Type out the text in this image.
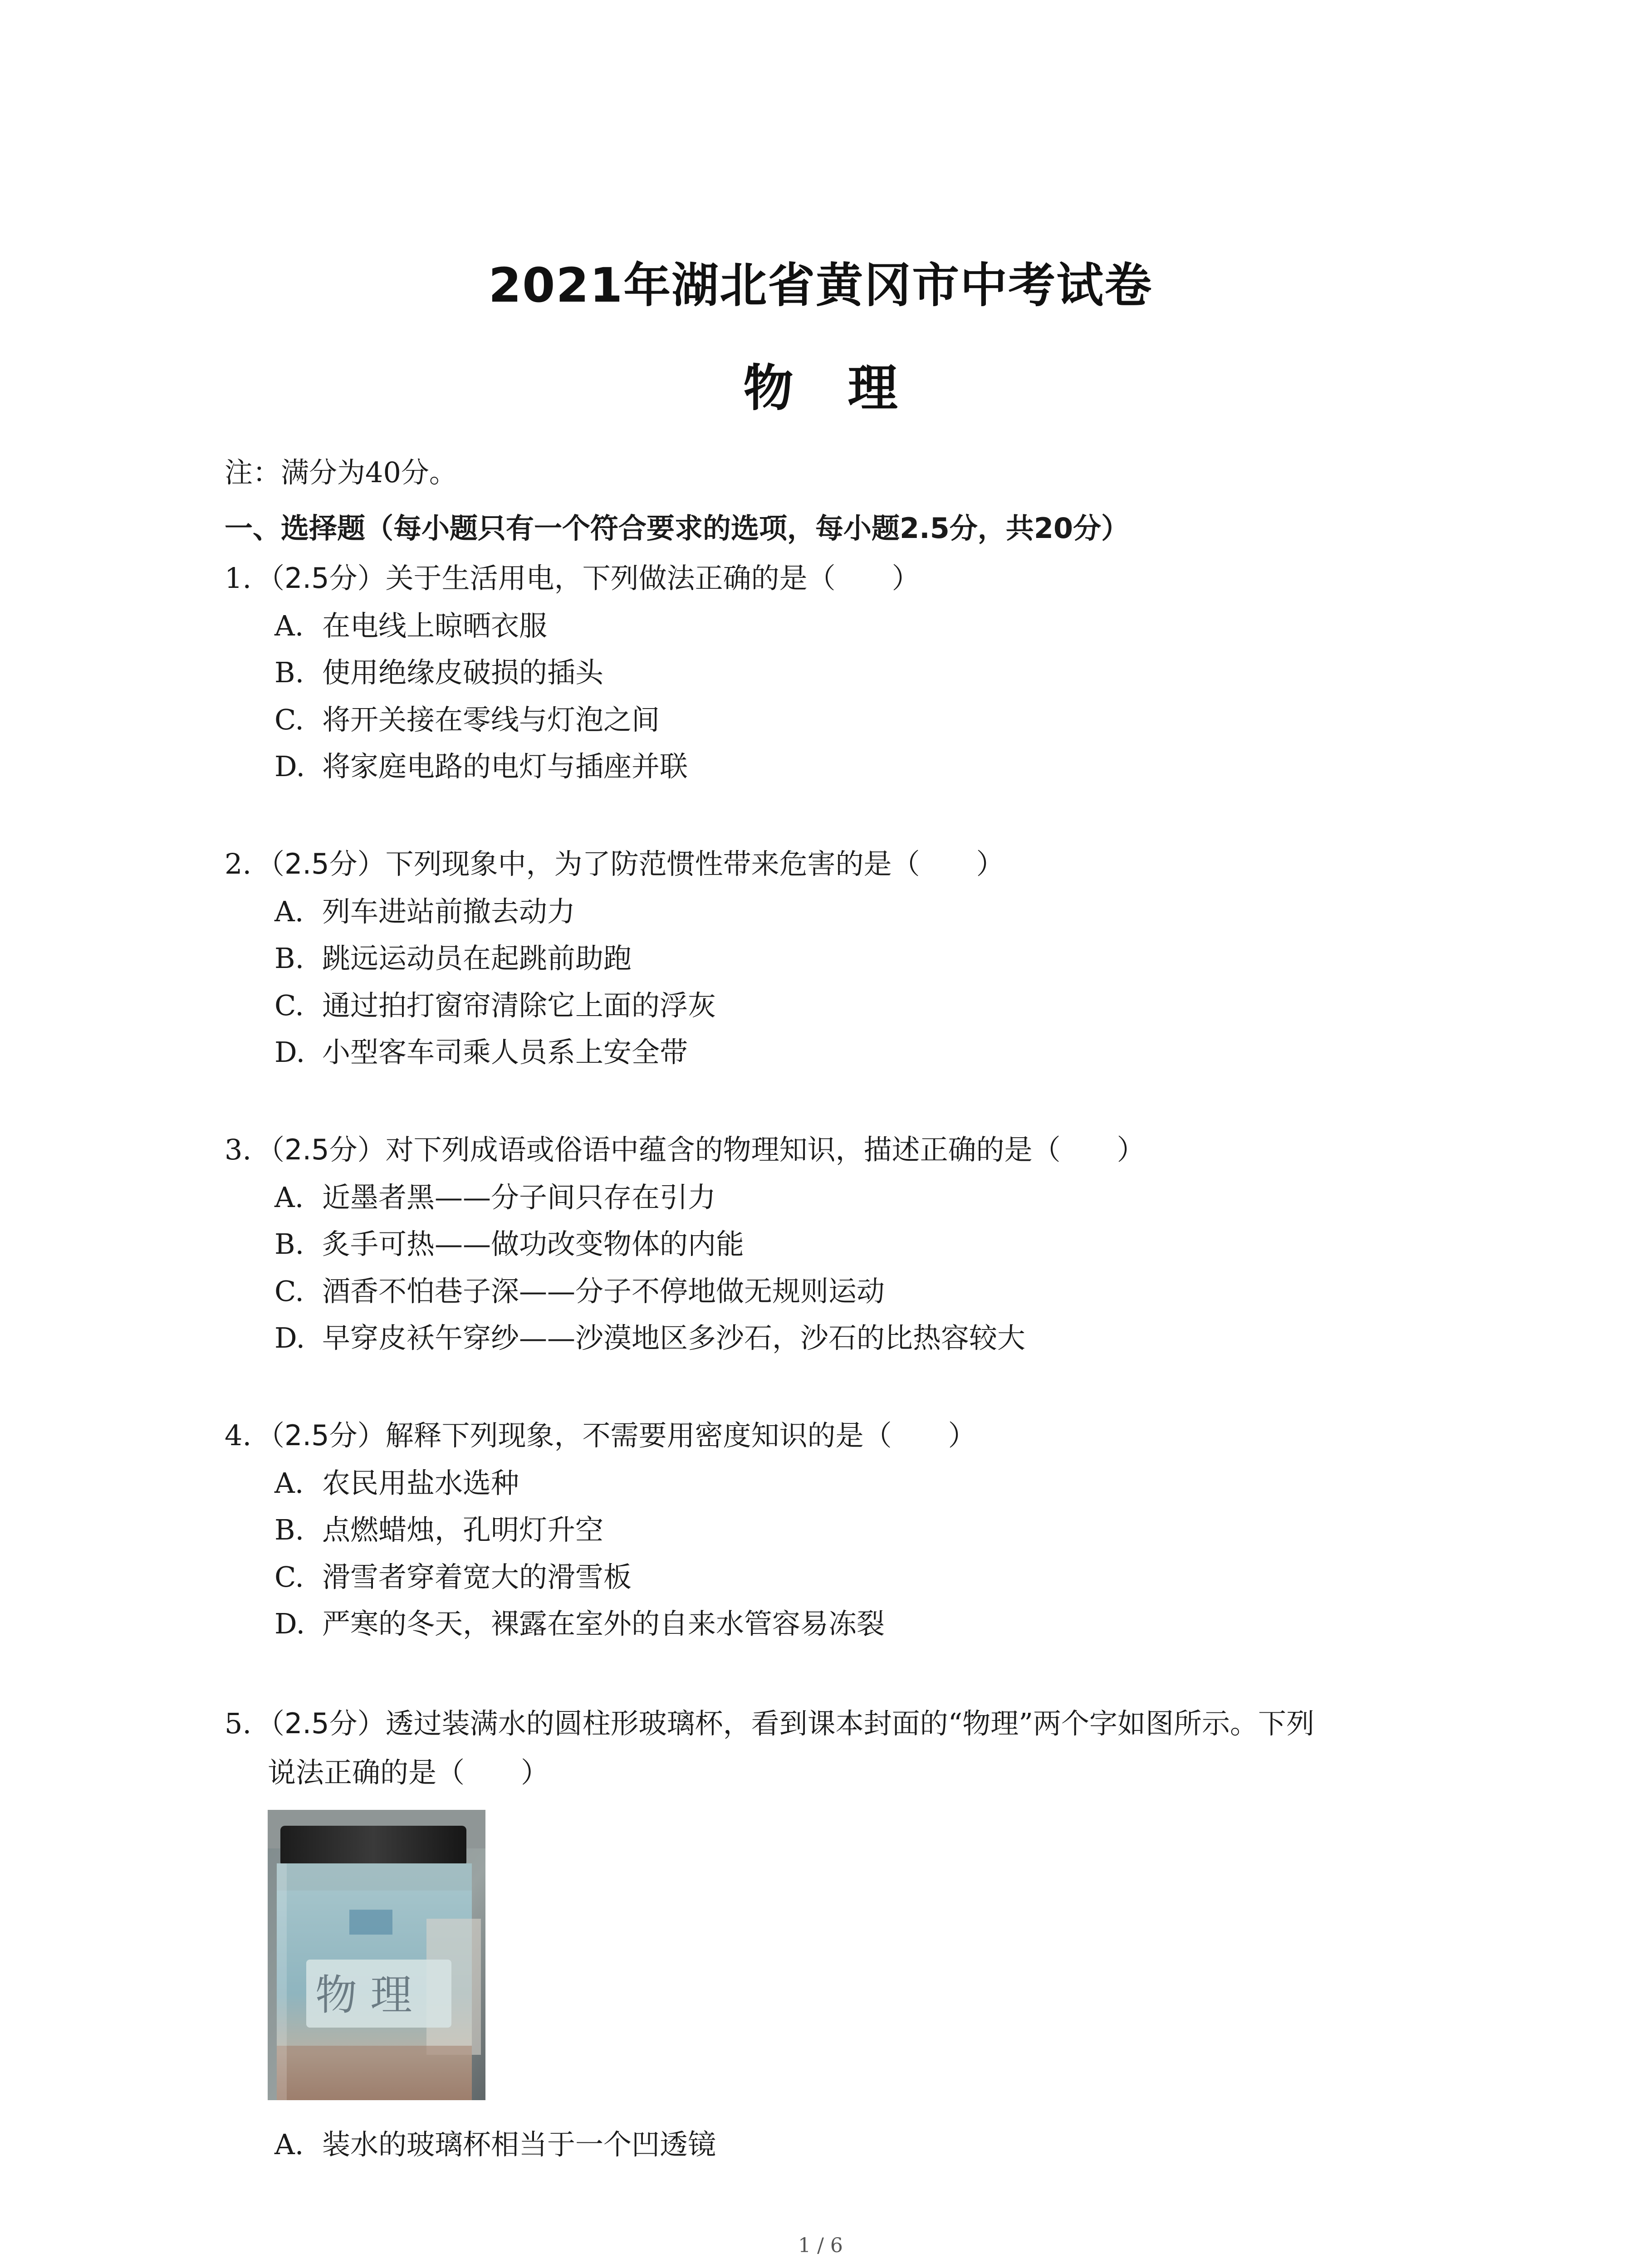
2021年湖北省黄冈市中考试卷
物理
注：满分为40分。
一、选择题（每小题只有一个符合要求的选项，每小题2.5分，共20分）
1. （2.5分）关于生活用电，下列做法正确的是（　　）
A. 在电线上晾晒衣服
B. 使用绝缘皮破损的插头
C. 将开关接在零线与灯泡之间
D. 将家庭电路的电灯与插座并联
2. （2.5分）下列现象中，为了防范惯性带来危害的是（　　）
A. 列车进站前撤去动力
B. 跳远运动员在起跳前助跑
C. 通过拍打窗帘清除它上面的浮灰
D. 小型客车司乘人员系上安全带
3. （2.5分）对下列成语或俗语中蕴含的物理知识，描述正确的是（　　）
A. 近墨者黑——分子间只存在引力
B. 炙手可热——做功改变物体的内能
C. 酒香不怕巷子深——分子不停地做无规则运动
D. 早穿皮袄午穿纱——沙漠地区多沙石，沙石的比热容较大
4. （2.5分）解释下列现象，不需要用密度知识的是（　　）
A. 农民用盐水选种
B. 点燃蜡烛，孔明灯升空
C. 滑雪者穿着宽大的滑雪板
D. 严寒的冬天，裸露在室外的自来水管容易冻裂
5. （2.5分）透过装满水的圆柱形玻璃杯，看到课本封面的“物理”两个字如图所示。下列
说法正确的是（　　）
物 理
A. 装水的玻璃杯相当于一个凹透镜
1 / 6
